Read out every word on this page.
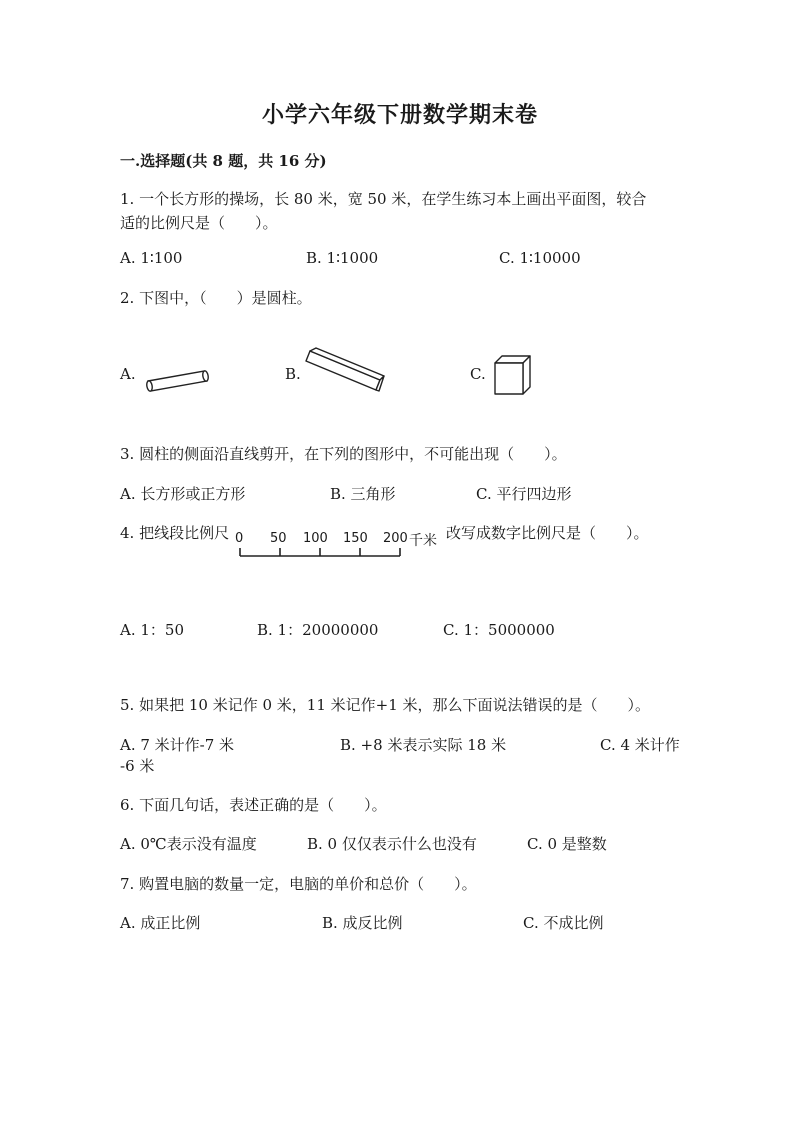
小学六年级下册数学期末卷
一.选择题(共 8 题，共 16 分)
1. 一个长方形的操场，长 80 米，宽 50 米，在学生练习本上画出平面图，较合
适的比例尺是（　　）。
A. 1∶100	B. 1∶1000	C. 1∶10000
2. 下图中，（　　）是圆柱。
A.	B.	C.
3. 圆柱的侧面沿直线剪开，在下列的图形中，不可能出现（　　）。
A. 长方形或正方形	B. 三角形	C. 平行四边形
4. 把线段比例尺	改写成数字比例尺是（　　）。
0 50 100 150 200 千米
A. 1：50	B. 1：20000000	C. 1：5000000
5. 如果把 10 米记作 0 米，11 米记作+1 米，那么下面说法错误的是（　　）。
A. 7 米计作-7 米	B. +8 米表示实际 18 米	C. 4 米计作
-6 米
6. 下面几句话，表述正确的是（　　）。
A. 0℃表示没有温度	B. 0 仅仅表示什么也没有	C. 0 是整数
7. 购置电脑的数量一定，电脑的单价和总价（　　）。
A. 成正比例	B. 成反比例	C. 不成比例
